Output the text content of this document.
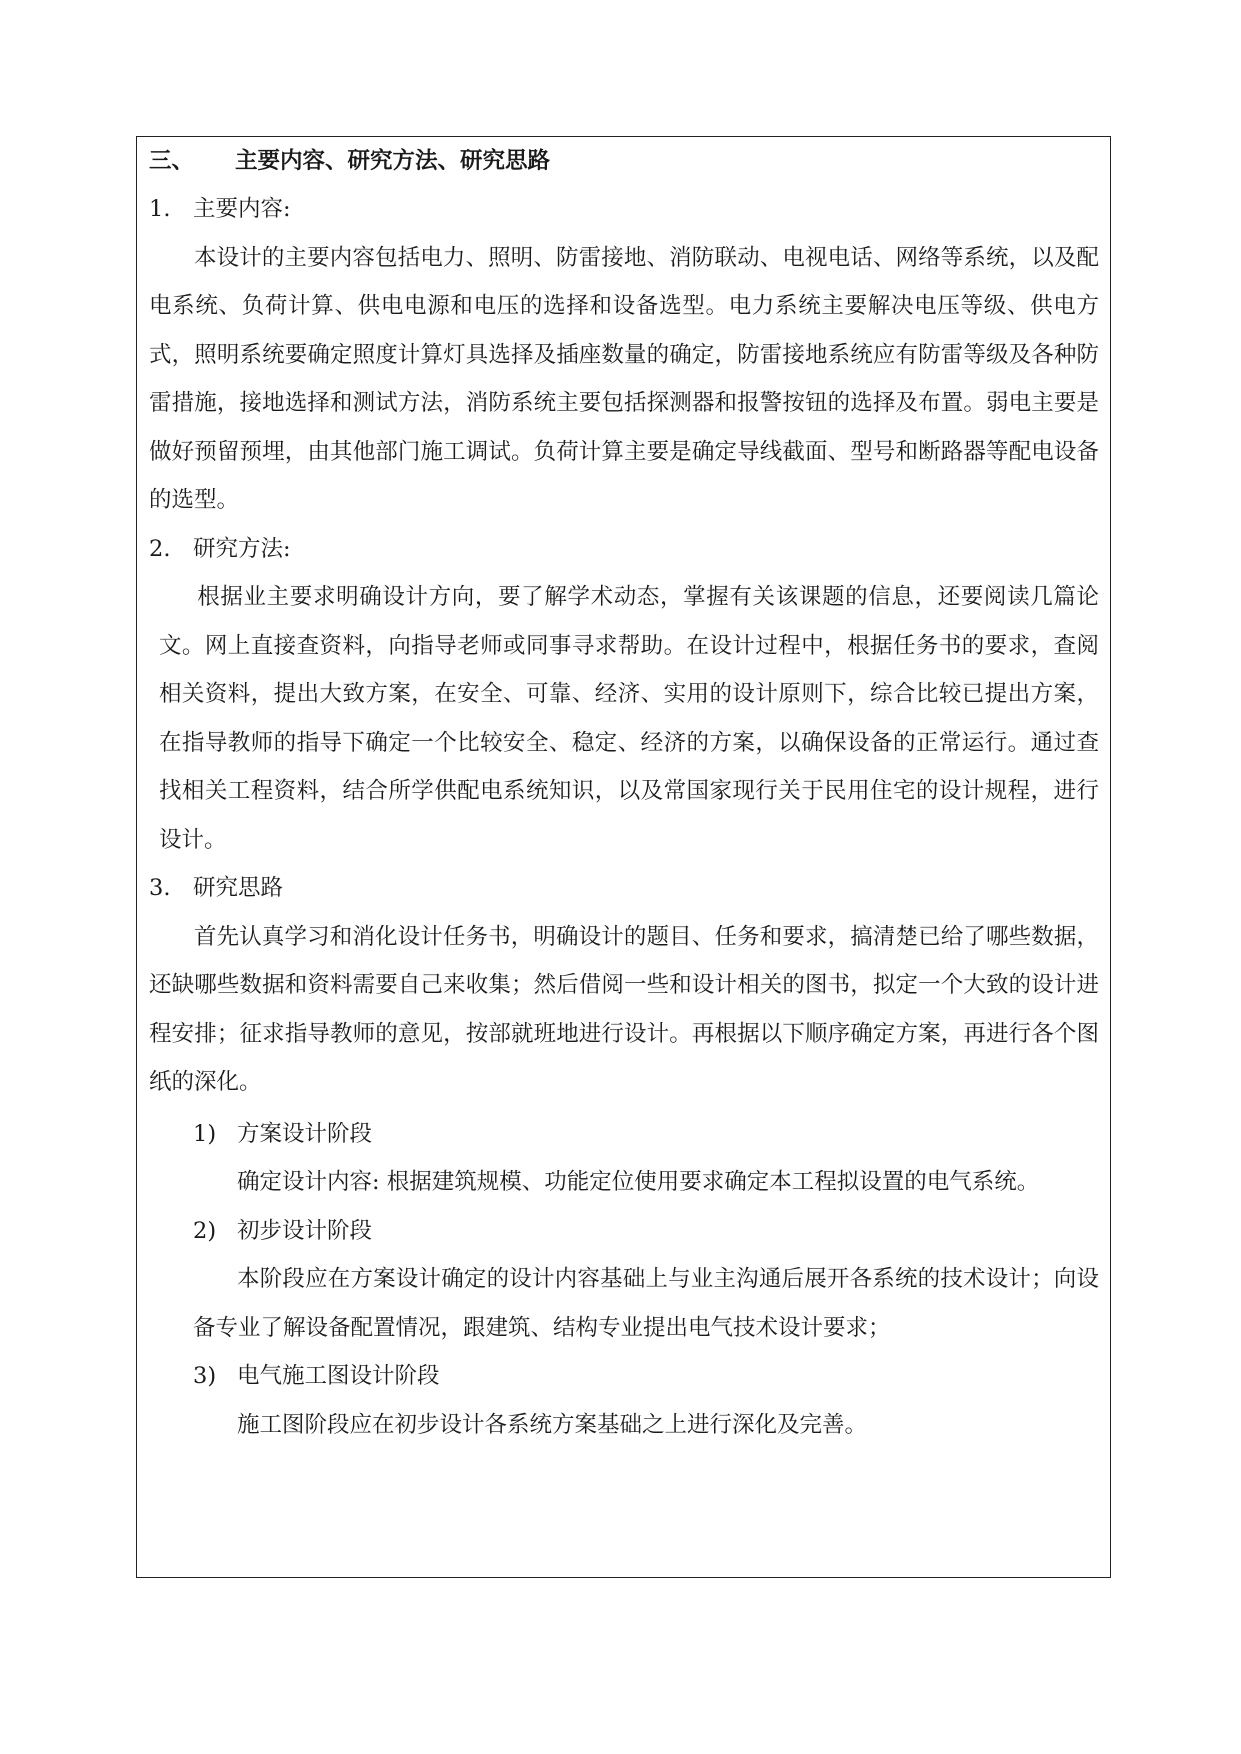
三、 主要内容、研究方法、研究思路
1. 主要内容:

本设计的主要内容包括电力、照明、防雷接地、消防联动、电视电话、网络等系统，以及配电系统、负荷计算、供电电源和电压的选择和设备选型。电力系统主要解决电压等级、供电方式，照明系统要确定照度计算灯具选择及插座数量的确定，防雷接地系统应有防雷等级及各种防雷措施，接地选择和测试方法，消防系统主要包括探测器和报警按钮的选择及布置。弱电主要是做好预留预埋，由其他部门施工调试。负荷计算主要是确定导线截面、型号和断路器等配电设备的选型。

2. 研究方法:

根据业主要求明确设计方向，要了解学术动态，掌握有关该课题的信息，还要阅读几篇论文。网上直接查资料，向指导老师或同事寻求帮助。在设计过程中，根据任务书的要求，查阅相关资料，提出大致方案，在安全、可靠、经济、实用的设计原则下，综合比较已提出方案，在指导教师的指导下确定一个比较安全、稳定、经济的方案，以确保设备的正常运行。通过查找相关工程资料，结合所学供配电系统知识，以及常国家现行关于民用住宅的设计规程，进行设计。

3. 研究思路

首先认真学习和消化设计任务书，明确设计的题目、任务和要求，搞清楚已给了哪些数据，还缺哪些数据和资料需要自己来收集；然后借阅一些和设计相关的图书，拟定一个大致的设计进程安排；征求指导教师的意见，按部就班地进行设计。再根据以下顺序确定方案，再进行各个图纸的深化。

1) 方案设计阶段

确定设计内容: 根据建筑规模、功能定位使用要求确定本工程拟设置的电气系统。

2) 初步设计阶段

本阶段应在方案设计确定的设计内容基础上与业主沟通后展开各系统的技术设计；向设备专业了解设备配置情况，跟建筑、结构专业提出电气技术设计要求；

3) 电气施工图设计阶段

施工图阶段应在初步设计各系统方案基础之上进行深化及完善。
